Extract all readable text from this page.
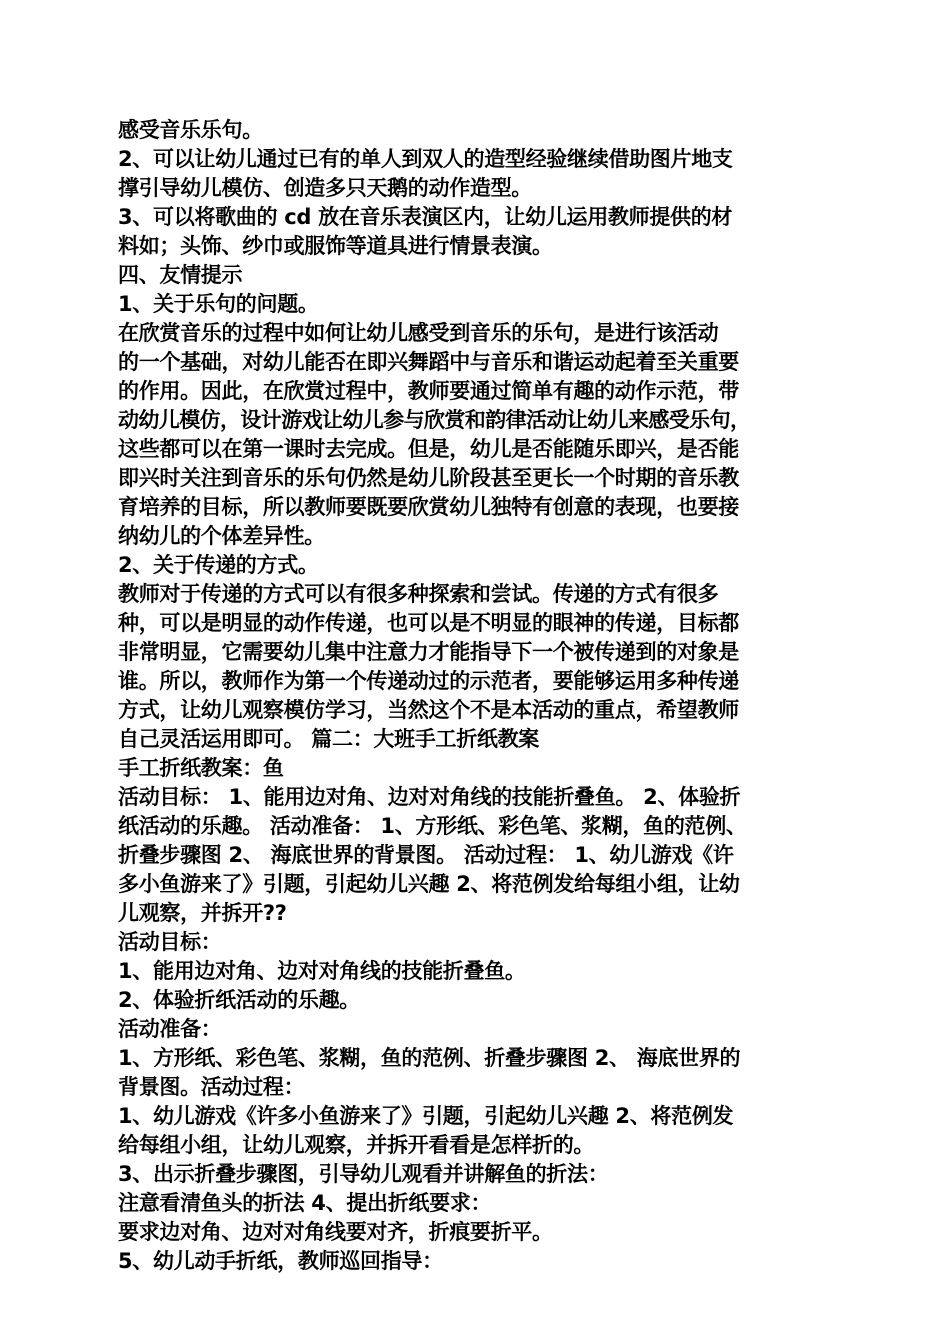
感受音乐乐句。
2、可以让幼儿通过已有的单人到双人的造型经验继续借助图片地支
撑引导幼儿模仿、创造多只天鹅的动作造型。
3、可以将歌曲的 cd 放在音乐表演区内，让幼儿运用教师提供的材
料如；头饰、纱巾或服饰等道具进行情景表演。
四、友情提示
1、关于乐句的问题。
在欣赏音乐的过程中如何让幼儿感受到音乐的乐句，是进行该活动
的一个基础，对幼儿能否在即兴舞蹈中与音乐和谐运动起着至关重要
的作用。因此，在欣赏过程中，教师要通过简单有趣的动作示范，带
动幼儿模仿，设计游戏让幼儿参与欣赏和韵律活动让幼儿来感受乐句，
这些都可以在第一课时去完成。但是，幼儿是否能随乐即兴，是否能
即兴时关注到音乐的乐句仍然是幼儿阶段甚至更长一个时期的音乐教
育培养的目标，所以教师要既要欣赏幼儿独特有创意的表现，也要接
纳幼儿的个体差异性。
2、关于传递的方式。
教师对于传递的方式可以有很多种探索和尝试。传递的方式有很多
种，可以是明显的动作传递，也可以是不明显的眼神的传递，目标都
非常明显，它需要幼儿集中注意力才能指导下一个被传递到的对象是
谁。所以，教师作为第一个传递动过的示范者，要能够运用多种传递
方式，让幼儿观察模仿学习，当然这个不是本活动的重点，希望教师
自己灵活运用即可。 篇二：大班手工折纸教案
手工折纸教案：鱼
活动目标： 1、能用边对角、边对对角线的技能折叠鱼。 2、体验折
纸活动的乐趣。 活动准备： 1、方形纸、彩色笔、浆糊，鱼的范例、
折叠步骤图 2、 海底世界的背景图。 活动过程： 1、幼儿游戏《许
多小鱼游来了》引题，引起幼儿兴趣 2、将范例发给每组小组，让幼
儿观察，并拆开??
活动目标：
1、能用边对角、边对对角线的技能折叠鱼。
2、体验折纸活动的乐趣。
活动准备：
1、方形纸、彩色笔、浆糊，鱼的范例、折叠步骤图 2、 海底世界的
背景图。活动过程：
1、幼儿游戏《许多小鱼游来了》引题，引起幼儿兴趣 2、将范例发
给每组小组，让幼儿观察，并拆开看看是怎样折的。
3、出示折叠步骤图，引导幼儿观看并讲解鱼的折法：
注意看清鱼头的折法 4、提出折纸要求：
要求边对角、边对对角线要对齐，折痕要折平。
5、幼儿动手折纸，教师巡回指导：
